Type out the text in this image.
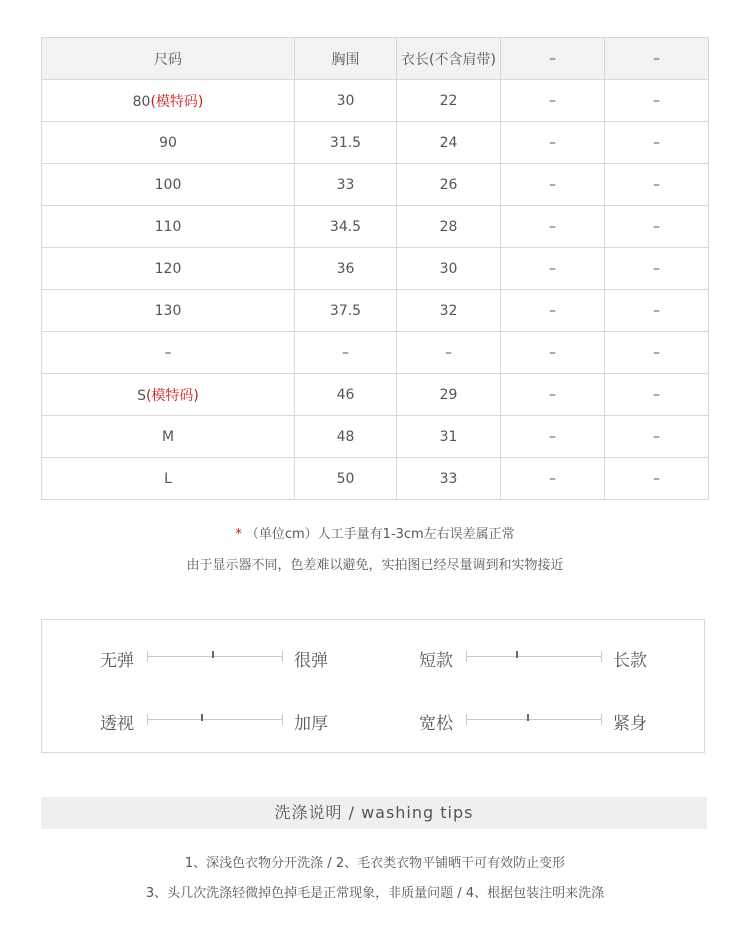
尺码	胸围	衣长(不含肩带)	–	–
80(模特码)	30	22	–	–
90	31.5	24	–	–
100	33	26	–	–
110	34.5	28	–	–
120	36	30	–	–
130	37.5	32	–	–
–	–	–	–	–
S(模特码)	46	29	–	–
M	48	31	–	–
L	50	33	–	–
* （单位cm）人工手量有1-3cm左右误差属正常
由于显示器不同，色差难以避免，实拍图已经尽量调到和实物接近
无弹	很弹	短款	长款
透视	加厚	宽松	紧身
洗涤说明 / washing tips
1、深浅色衣物分开洗涤 / 2、毛衣类衣物平铺晒干可有效防止变形
3、头几次洗涤轻微掉色掉毛是正常现象，非质量问题 / 4、根据包装注明来洗涤
